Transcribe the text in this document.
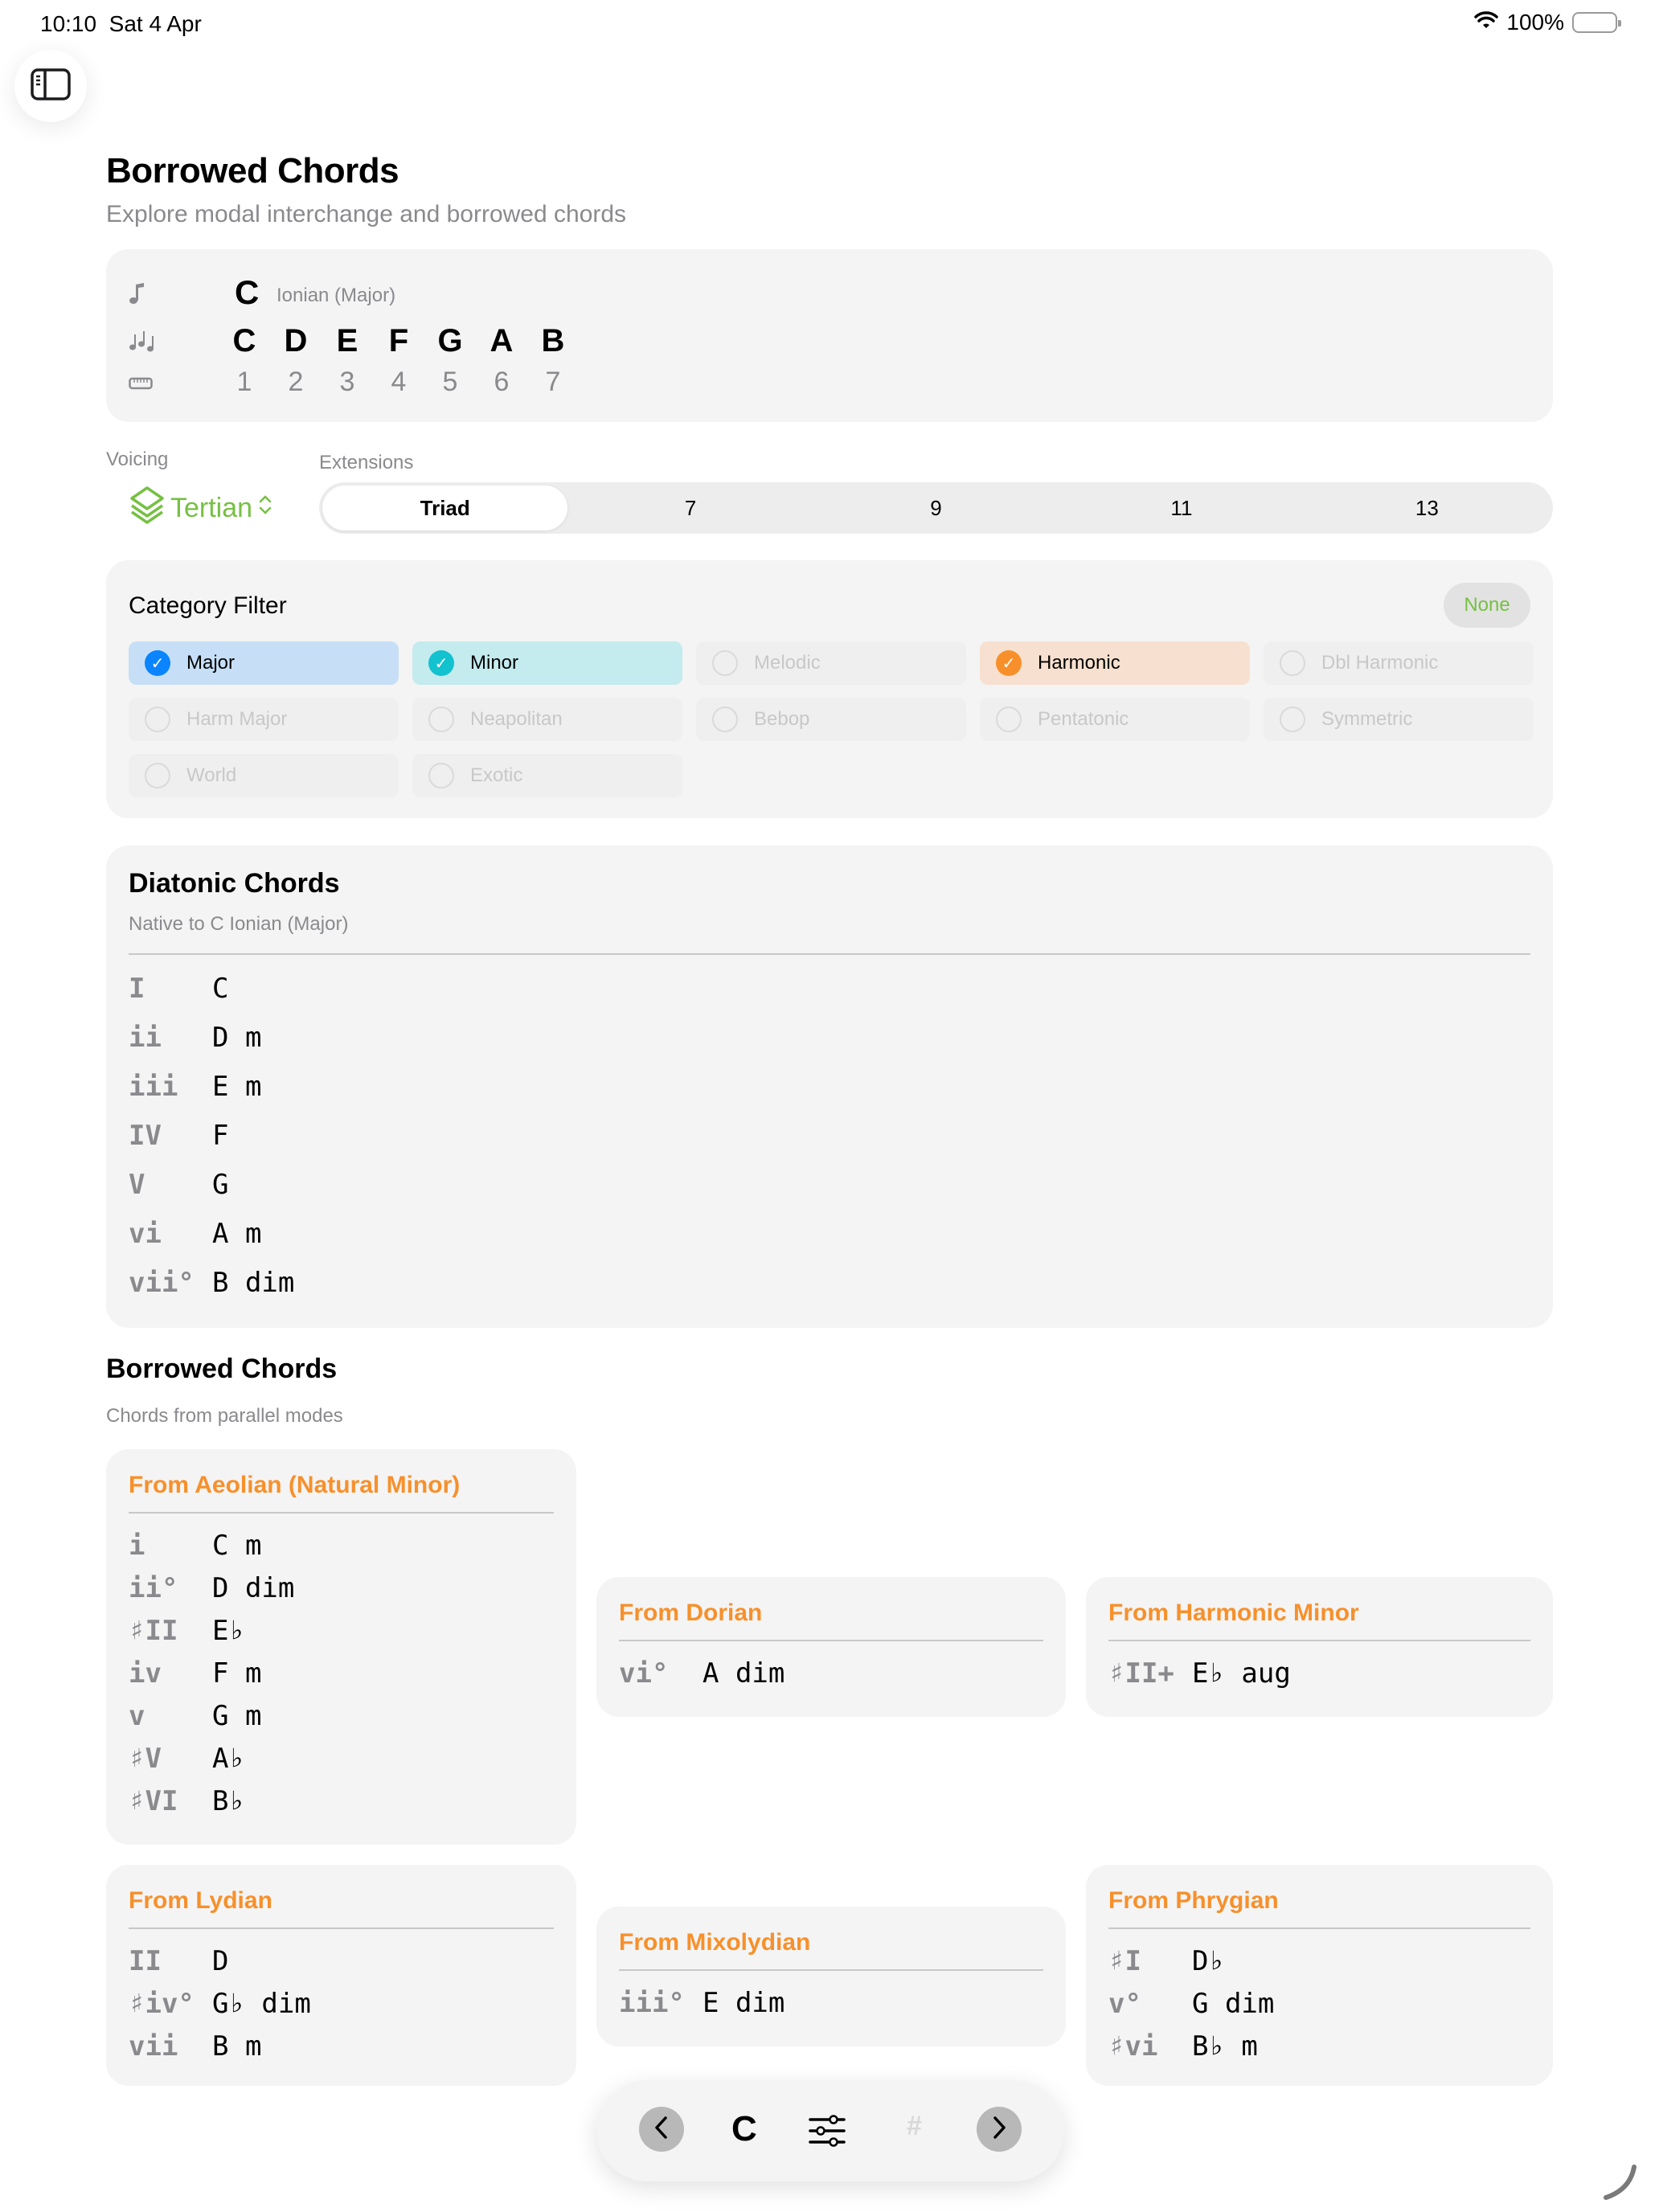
10:10 Sat 4 Apr	100%
Borrowed Chords
Explore modal interchange and borrowed chords
C Ionian (Major)
C D E F G A B
1	2	3	4	5	6	7
Voicing	Extensions
Tertian	Triad	7	9	11	13
Category Filter	None
✓	Major	✓	Minor	Melodic	✓	Harmonic	Dbl Harmonic
Harm Major	Neapolitan	Bebop	Pentatonic	Symmetric
World	Exotic
Diatonic Chords
Native to C Ionian (Major)
I	C
ii	D m
iii	E m
IV	F
V	G
vi	A m
vii° B dim
Borrowed Chords
Chords from parallel modes
From Aeolian (Natural Minor)
i	C m
ii°	D dim
♯II	E♭
iv	F m
v	G m
♯V	A♭
♯VI	B♭
From Dorian
vi°	A dim
From Harmonic Minor
♯II+ E♭ aug
From Lydian
II	D
♯iv° G♭ dim
vii	B m
From Mixolydian
iii° E dim
From Phrygian
♯I	D♭
v°	G dim
♯vi	B♭ m
C	#
